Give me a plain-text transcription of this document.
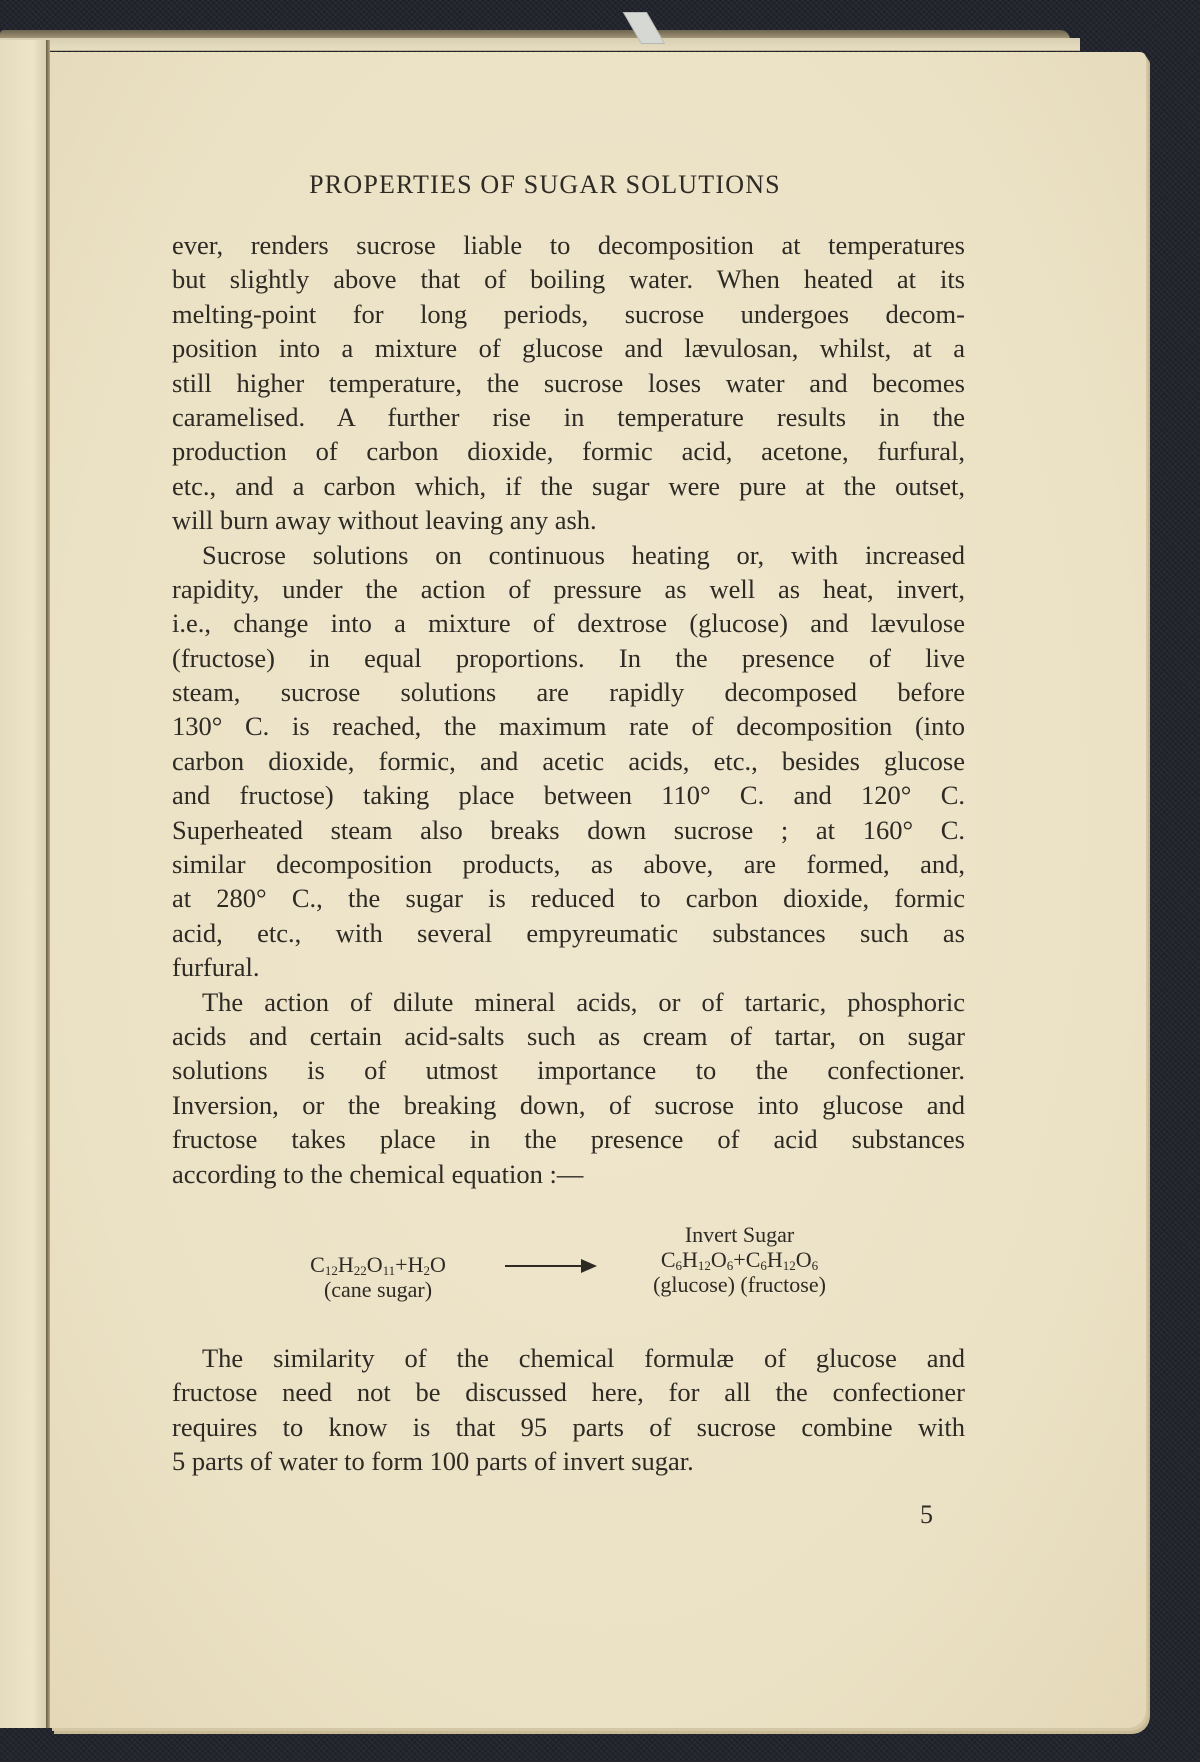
PROPERTIES OF SUGAR SOLUTIONS
ever, renders sucrose liable to decomposition at temperatures
but slightly above that of boiling water. When heated at its
melting-point for long periods, sucrose undergoes decom-
position into a mixture of glucose and lævulosan, whilst, at a
still higher temperature, the sucrose loses water and becomes
caramelised. A further rise in temperature results in the
production of carbon dioxide, formic acid, acetone, furfural,
etc., and a carbon which, if the sugar were pure at the outset,
will burn away without leaving any ash.
Sucrose solutions on continuous heating or, with increased
rapidity, under the action of pressure as well as heat, invert,
i.e., change into a mixture of dextrose (glucose) and lævulose
(fructose) in equal proportions. In the presence of live
steam, sucrose solutions are rapidly decomposed before
130° C. is reached, the maximum rate of decomposition (into
carbon dioxide, formic, and acetic acids, etc., besides glucose
and fructose) taking place between 110° C. and 120° C.
Superheated steam also breaks down sucrose ; at 160° C.
similar decomposition products, as above, are formed, and,
at 280° C., the sugar is reduced to carbon dioxide, formic
acid, etc., with several empyreumatic substances such as
furfural.
The action of dilute mineral acids, or of tartaric, phosphoric
acids and certain acid-salts such as cream of tartar, on sugar
solutions is of utmost importance to the confectioner.
Inversion, or the breaking down, of sucrose into glucose and
fructose takes place in the presence of acid substances
according to the chemical equation :—
$C_{12}H_{22}O_{11}+H_2O$
(cane sugar)
Invert Sugar
$C_6H_{12}O_6+C_6H_{12}O_6$
(glucose) (fructose)
The similarity of the chemical formulæ of glucose and
fructose need not be discussed here, for all the confectioner
requires to know is that 95 parts of sucrose combine with
5 parts of water to form 100 parts of invert sugar.
5
